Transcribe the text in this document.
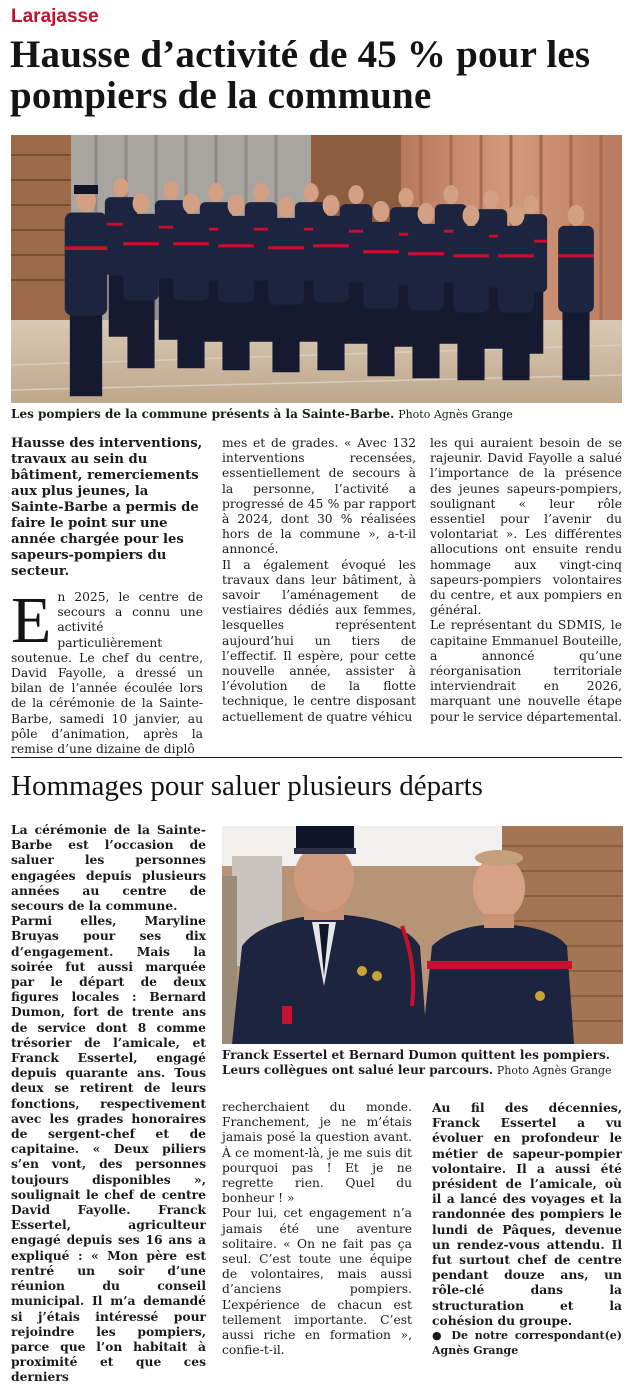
Larajasse
Hausse d’activité de 45 % pour les pompiers de la commune
Les pompiers de la commune présents à la Sainte-Barbe. Photo Agnès Grange

Hausse des interventions, travaux au sein du bâtiment, remerciements aux plus jeunes, la Sainte-Barbe a permis de faire le point sur une année chargée pour les sapeurs-pompiers du secteur.

En 2025, le centre de secours a connu une activité particulièrement soutenue. Le chef du centre, David Fayolle, a dressé un bilan de l’année écoulée lors de la cérémonie de la Sainte-Barbe, samedi 10 janvier, au pôle d’animation, après la remise d’une dizaine de diplô

mes et de grades. « Avec 132 interventions recensées, essentiellement de secours à la personne, l’activité a progressé de 45 % par rapport à 2024, dont 30 % réalisées hors de la commune », a-t-il annoncé.

Il a également évoqué les travaux dans leur bâtiment, à savoir l’aménagement de vestiaires dédiés aux femmes, lesquelles représentent aujourd’hui un tiers de l’effectif. Il espère, pour cette nouvelle année, assister à l’évolution de la flotte technique, le centre disposant actuellement de quatre véhicu

les qui auraient besoin de se rajeunir. David Fayolle a salué l’importance de la présence des jeunes sapeurs-pompiers, soulignant « leur rôle essentiel pour l’avenir du volontariat ». Les différentes allocutions ont ensuite rendu hommage aux vingt-cinq sapeurs-pompiers volontaires du centre, et aux pompiers en général.

Le représentant du SDMIS, le capitaine Emmanuel Bouteille, a annoncé qu’une réorganisation territoriale interviendrait en 2026, marquant une nouvelle étape pour le service départemental.

Hommages pour saluer plusieurs départs

La cérémonie de la Sainte-Barbe est l’occasion de saluer les personnes engagées depuis plusieurs années au centre de secours de la commune.

Parmi elles, Maryline Bruyas pour ses dix d’engagement. Mais la soirée fut aussi marquée par le départ de deux figures locales : Bernard Dumon, fort de trente ans de service dont 8 comme trésorier de l’amicale, et Franck Essertel, engagé depuis quarante ans. Tous deux se retirent de leurs fonctions, respectivement avec les grades honoraires de sergent-chef et de capitaine. « Deux piliers s’en vont, des personnes toujours disponibles », soulignait le chef de centre David Fayolle. Franck Essertel, agriculteur engagé depuis ses 16 ans a expliqué : « Mon père est rentré un soir d’une réunion du conseil municipal. Il m’a demandé si j’étais intéressé pour rejoindre les pompiers, parce que l’on habitait à proximité et que ces derniers

Franck Essertel et Bernard Dumon quittent les pompiers. Leurs collègues ont salué leur parcours. Photo Agnès Grange

recherchaient du monde. Franchement, je ne m’étais jamais posé la question avant. À ce moment-là, je me suis dit pourquoi pas ! Et je ne regrette rien. Quel du bonheur ! »

Pour lui, cet engagement n’a jamais été une aventure solitaire. « On ne fait pas ça seul. C’est toute une équipe de volontaires, mais aussi d’anciens pompiers. L’expérience de chacun est tellement importante. C’est aussi riche en formation », confie-t-il.

Au fil des décennies, Franck Essertel a vu évoluer en profondeur le métier de sapeur-pompier volontaire. Il a aussi été président de l’amicale, où il a lancé des voyages et la randonnée des pompiers le lundi de Pâques, devenue un rendez-vous attendu. Il fut surtout chef de centre pendant douze ans, un rôle-clé dans la structuration et la cohésion du groupe.

● De notre correspondant(e) Agnès Grange
